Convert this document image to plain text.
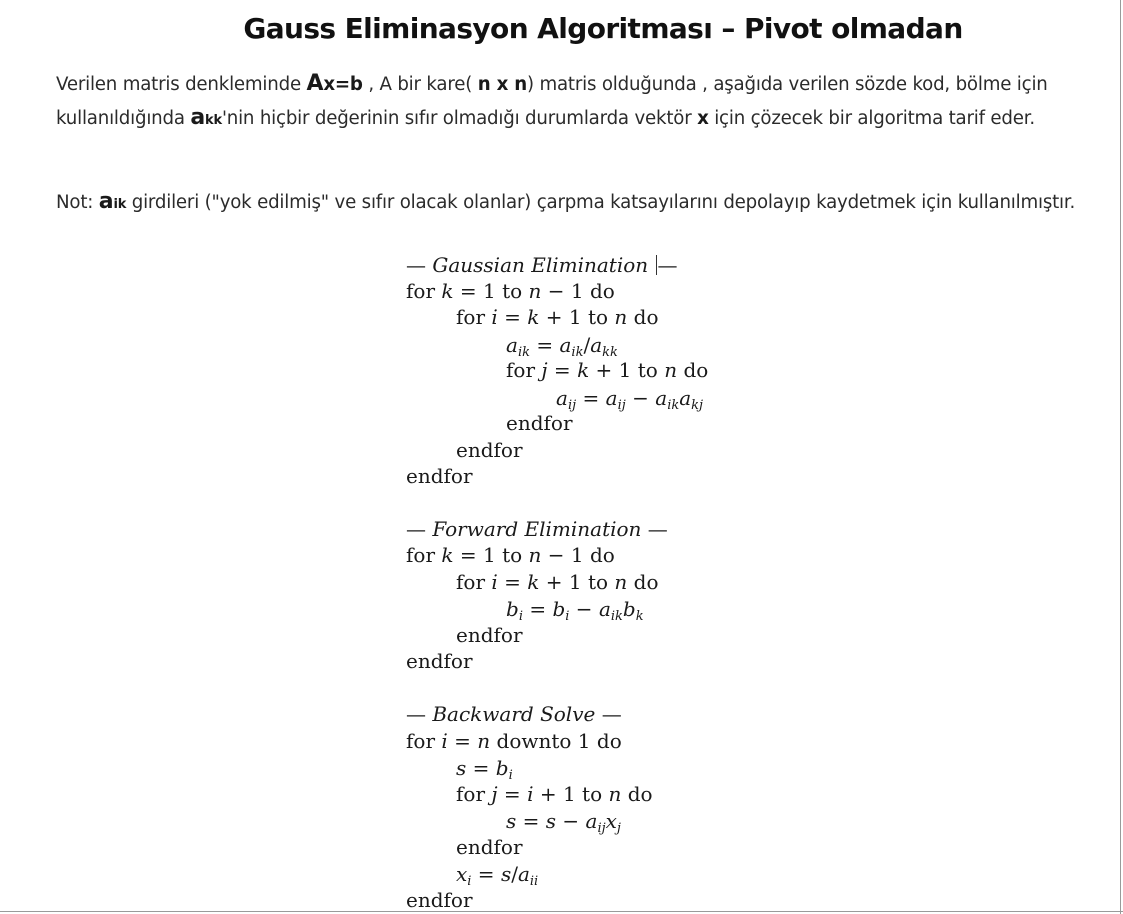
Gauss Eliminasyon Algoritması – Pivot olmadan
Verilen matris denkleminde Ax=b , A bir kare( n x n) matris olduğunda , aşağıda verilen sözde kod, bölme için kullanıldığında akk'nin hiçbir değerinin sıfır olmadığı durumlarda vektör x için çözecek bir algoritma tarif eder.
Not: aik girdileri ("yok edilmiş" ve sıfır olacak olanlar) çarpma katsayılarını depolayıp kaydetmek için kullanılmıştır.
— Gaussian Elimination —
for k = 1 to n − 1 do
for i = k + 1 to n do
$a_{ik} = a_{ik}/a_{kk}$
for j = k + 1 to n do
$a_{ij} = a_{ij} - a_{ik}a_{kj}$
endfor
endfor
endfor
— Forward Elimination —
for k = 1 to n − 1 do
for i = k + 1 to n do
$b_i = b_i - a_{ik}b_k$
endfor
endfor
— Backward Solve —
for i = n downto 1 do
$s = b_i$
for j = i + 1 to n do
$s = s - a_{ij}x_j$
endfor
$x_i = s/a_{ii}$
endfor
